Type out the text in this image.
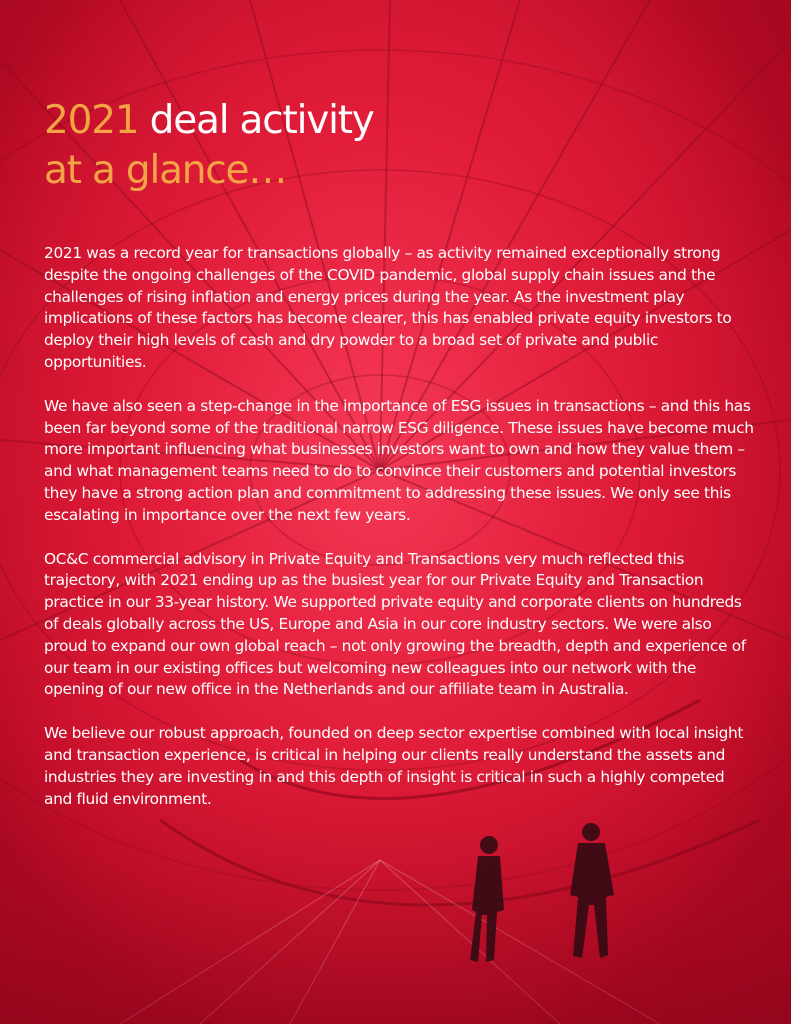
2021 deal activity
at a glance…

2021 was a record year for transactions globally – as activity remained exceptionally strong despite the ongoing challenges of the COVID pandemic, global supply chain issues and the challenges of rising inflation and energy prices during the year. As the investment play implications of these factors has become clearer, this has enabled private equity investors to deploy their high levels of cash and dry powder to a broad set of private and public opportunities.

We have also seen a step-change in the importance of ESG issues in transactions – and this has been far beyond some of the traditional narrow ESG diligence. These issues have become much more important influencing what businesses investors want to own and how they value them – and what management teams need to do to convince their customers and potential investors they have a strong action plan and commitment to addressing these issues. We only see this escalating in importance over the next few years.

OC&C commercial advisory in Private Equity and Transactions very much reflected this trajectory, with 2021 ending up as the busiest year for our Private Equity and Transaction practice in our 33-year history. We supported private equity and corporate clients on hundreds of deals globally across the US, Europe and Asia in our core industry sectors. We were also proud to expand our own global reach – not only growing the breadth, depth and experience of our team in our existing offices but welcoming new colleagues into our network with the opening of our new office in the Netherlands and our affiliate team in Australia.

We believe our robust approach, founded on deep sector expertise combined with local insight and transaction experience, is critical in helping our clients really understand the assets and industries they are investing in and this depth of insight is critical in such a highly competed and fluid environment.
